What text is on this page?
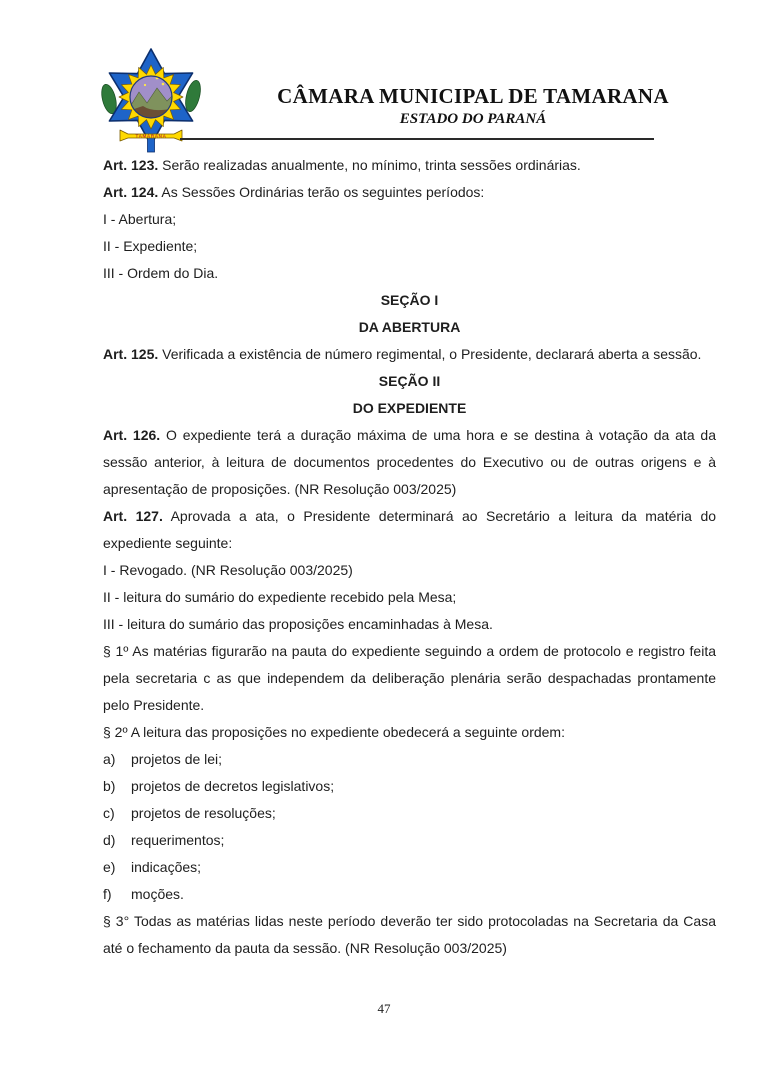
TAMARANA
CÂMARA MUNICIPAL DE TAMARANA
ESTADO DO PARANÁ

Art. 123. Serão realizadas anualmente, no mínimo, trinta sessões ordinárias.

Art. 124. As Sessões Ordinárias terão os seguintes períodos:

I - Abertura;

II - Expediente;

III - Ordem do Dia.

SEÇÃO I

DA ABERTURA

Art. 125. Verificada a existência de número regimental, o Presidente, declarará aberta a sessão.

SEÇÃO II

DO EXPEDIENTE

Art. 126. O expediente terá a duração máxima de uma hora e se destina à votação da ata da sessão anterior, à leitura de documentos procedentes do Executivo ou de outras origens e à apresentação de proposições. (NR Resolução 003/2025)

Art. 127. Aprovada a ata, o Presidente determinará ao Secretário a leitura da matéria do expediente seguinte:

I - Revogado. (NR Resolução 003/2025)

II - leitura do sumário do expediente recebido pela Mesa;

III - leitura do sumário das proposições encaminhadas à Mesa.

§ 1º As matérias figurarão na pauta do expediente seguindo a ordem de protocolo e registro feita pela secretaria c as que independem da deliberação plenária serão despachadas prontamente pelo Presidente.

§ 2º A leitura das proposições no expediente obedecerá a seguinte ordem:

a)	projetos de lei;

b)	projetos de decretos legislativos;

c)	projetos de resoluções;

d)	requerimentos;

e)	indicações;

f)	moções.

§ 3° Todas as matérias lidas neste período deverão ter sido protocoladas na Secretaria da Casa até o fechamento da pauta da sessão. (NR Resolução 003/2025)

47
